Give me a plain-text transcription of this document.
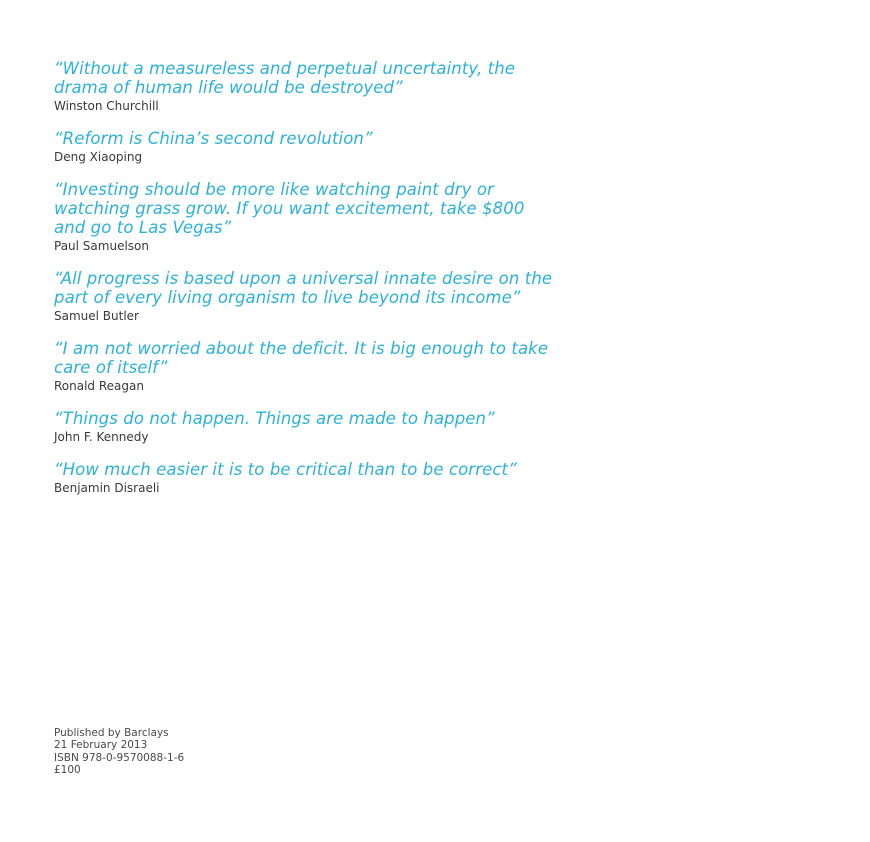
“Without a measureless and perpetual uncertainty, the
drama of human life would be destroyed”
Winston Churchill
“Reform is China’s second revolution”
Deng Xiaoping
“Investing should be more like watching paint dry or
watching grass grow. If you want excitement, take $800
and go to Las Vegas”
Paul Samuelson
“All progress is based upon a universal innate desire on the
part of every living organism to live beyond its income”
Samuel Butler
“I am not worried about the deficit. It is big enough to take
care of itself”
Ronald Reagan
“Things do not happen. Things are made to happen”
John F. Kennedy
“How much easier it is to be critical than to be correct”
Benjamin Disraeli
Published by Barclays
21 February 2013
ISBN 978-0-9570088-1-6
£100
